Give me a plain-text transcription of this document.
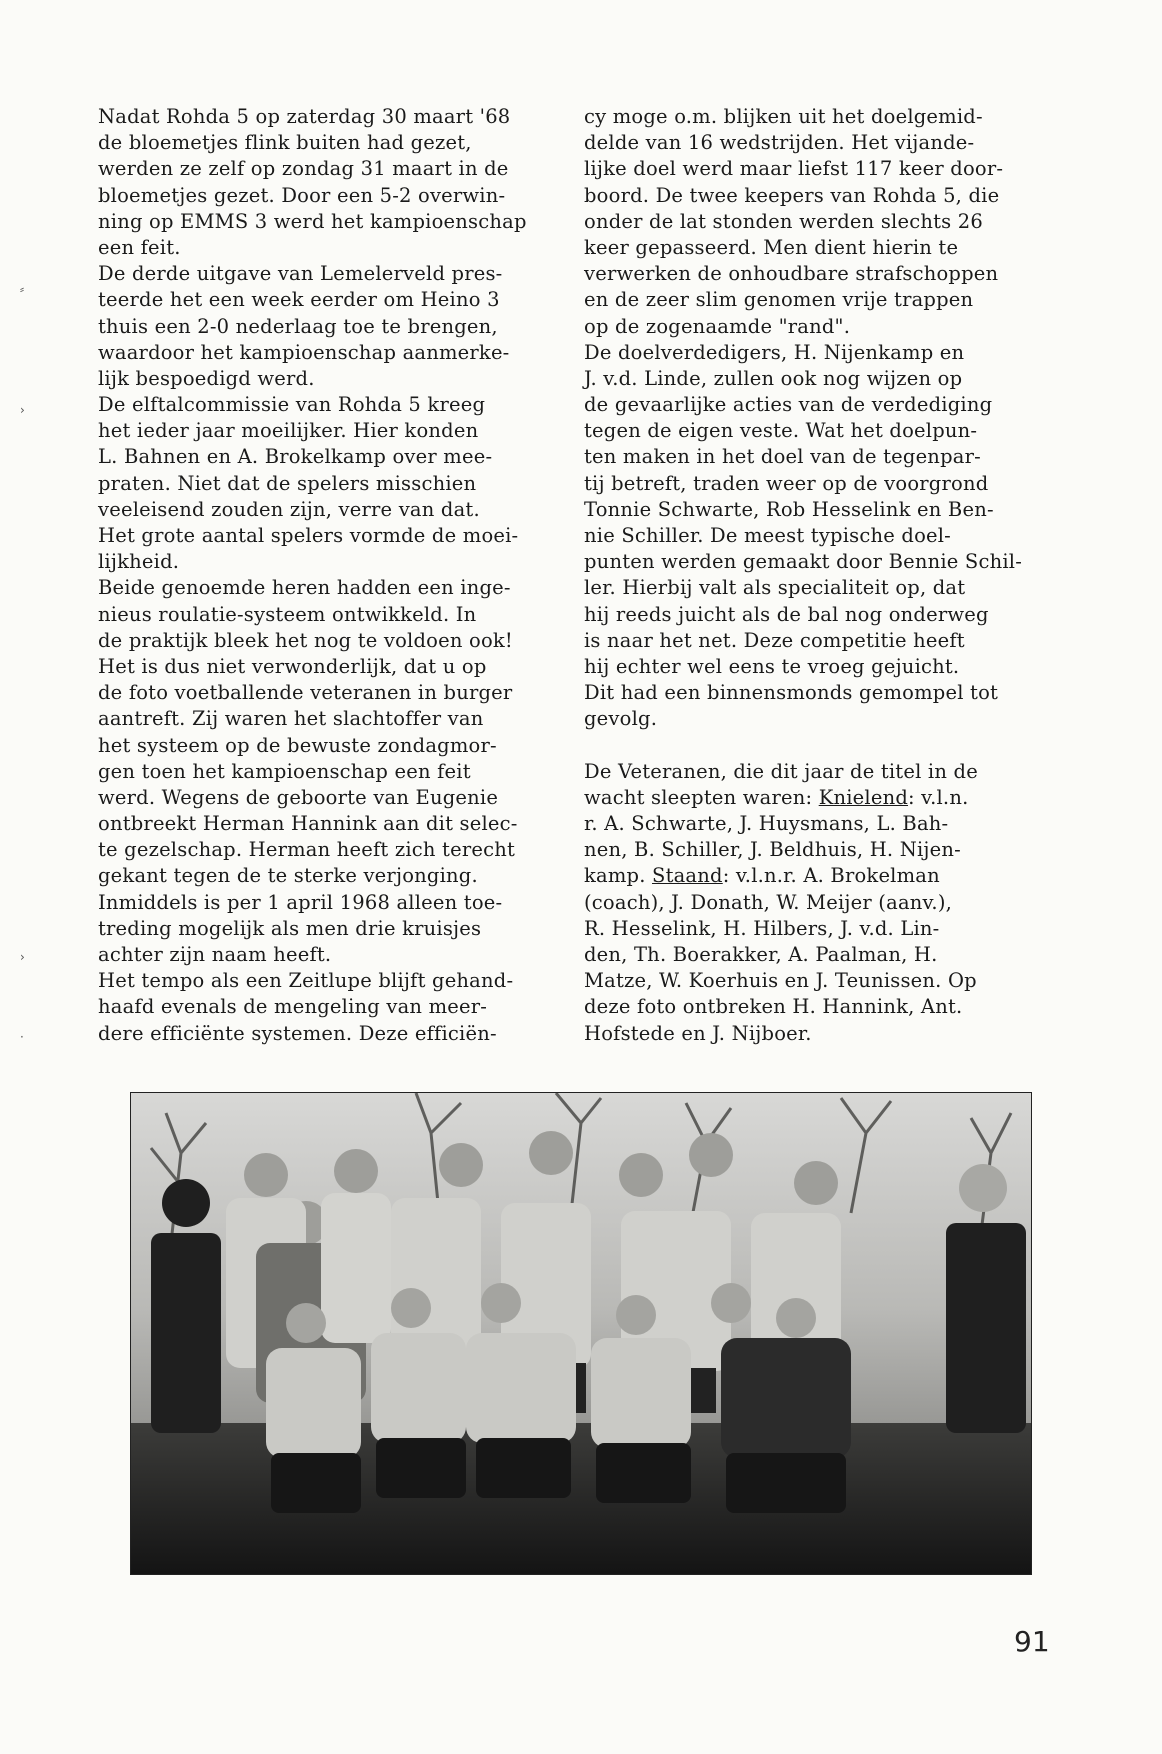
⸗
›
›
·
Nadat Rohda 5 op zaterdag 30 maart '68
de bloemetjes flink buiten had gezet,
werden ze zelf op zondag 31 maart in de
bloemetjes gezet. Door een 5-2 overwin-
ning op EMMS 3 werd het kampioenschap
een feit.
De derde uitgave van Lemelerveld pres-
teerde het een week eerder om Heino 3
thuis een 2-0 nederlaag toe te brengen,
waardoor het kampioenschap aanmerke-
lijk bespoedigd werd.
De elftalcommissie van Rohda 5 kreeg
het ieder jaar moeilijker. Hier konden
L. Bahnen en A. Brokelkamp over mee-
praten. Niet dat de spelers misschien
veeleisend zouden zijn, verre van dat.
Het grote aantal spelers vormde de moei-
lijkheid.
Beide genoemde heren hadden een inge-
nieus roulatie-systeem ontwikkeld. In
de praktijk bleek het nog te voldoen ook!
Het is dus niet verwonderlijk, dat u op
de foto voetballende veteranen in burger
aantreft. Zij waren het slachtoffer van
het systeem op de bewuste zondagmor-
gen toen het kampioenschap een feit
werd. Wegens de geboorte van Eugenie
ontbreekt Herman Hannink aan dit selec-
te gezelschap. Herman heeft zich terecht
gekant tegen de te sterke verjonging.
Inmiddels is per 1 april 1968 alleen toe-
treding mogelijk als men drie kruisjes
achter zijn naam heeft.
Het tempo als een Zeitlupe blijft gehand-
haafd evenals de mengeling van meer-
dere efficiënte systemen. Deze efficiën-
cy moge o.m. blijken uit het doelgemid-
delde van 16 wedstrijden. Het vijande-
lijke doel werd maar liefst 117 keer door-
boord. De twee keepers van Rohda 5, die
onder de lat stonden werden slechts 26
keer gepasseerd. Men dient hierin te
verwerken de onhoudbare strafschoppen
en de zeer slim genomen vrije trappen
op de zogenaamde "rand".
De doelverdedigers, H. Nijenkamp en
J. v.d. Linde, zullen ook nog wijzen op
de gevaarlijke acties van de verdediging
tegen de eigen veste. Wat het doelpun-
ten maken in het doel van de tegenpar-
tij betreft, traden weer op de voorgrond
Tonnie Schwarte, Rob Hesselink en Ben-
nie Schiller. De meest typische doel-
punten werden gemaakt door Bennie Schil-
ler. Hierbij valt als specialiteit op, dat
hij reeds juicht als de bal nog onderweg
is naar het net. Deze competitie heeft
hij echter wel eens te vroeg gejuicht.
Dit had een binnensmonds gemompel tot
gevolg.
De Veteranen, die dit jaar de titel in de
wacht sleepten waren: Knielend: v.l.n.
r. A. Schwarte, J. Huysmans, L. Bah-
nen, B. Schiller, J. Beldhuis, H. Nijen-
kamp. Staand: v.l.n.r. A. Brokelman
(coach), J. Donath, W. Meijer (aanv.),
R. Hesselink, H. Hilbers, J. v.d. Lin-
den, Th. Boerakker, A. Paalman, H.
Matze, W. Koerhuis en J. Teunissen. Op
deze foto ontbreken H. Hannink, Ant.
Hofstede en J. Nijboer.
91
